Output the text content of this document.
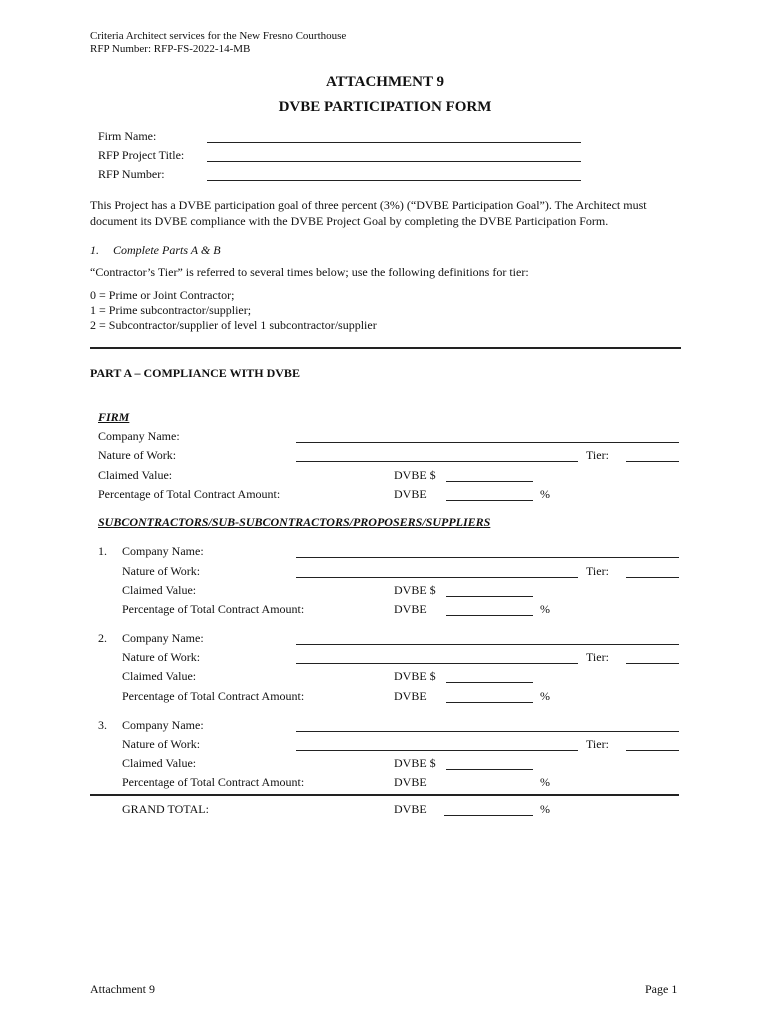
Criteria Architect services for the New Fresno Courthouse
RFP Number: RFP-FS-2022-14-MB
ATTACHMENT 9
DVBE PARTICIPATION FORM
Firm Name:
RFP Project Title:
RFP Number:
This Project has a DVBE participation goal of three percent (3%) (“DVBE Participation Goal”). The Architect must document its DVBE compliance with the DVBE Project Goal by completing the DVBE Participation Form.
1. Complete Parts A & B
“Contractor’s Tier” is referred to several times below; use the following definitions for tier:
0 = Prime or Joint Contractor;
1 = Prime subcontractor/supplier;
2 = Subcontractor/supplier of level 1 subcontractor/supplier
PART A – COMPLIANCE WITH DVBE
FIRM
Company Name:
Nature of Work:	Tier:
Claimed Value:	DVBE $
Percentage of Total Contract Amount:	DVBE	%
SUBCONTRACTORS/SUB-SUBCONTRACTORS/PROPOSERS/SUPPLIERS
1. Company Name:
Nature of Work:	Tier:
Claimed Value:	DVBE $
Percentage of Total Contract Amount:	DVBE	%
2. Company Name:
Nature of Work:	Tier:
Claimed Value:	DVBE $
Percentage of Total Contract Amount:	DVBE	%
3. Company Name:
Nature of Work:	Tier:
Claimed Value:	DVBE $
Percentage of Total Contract Amount:	DVBE	%
GRAND TOTAL:	DVBE	%
Attachment 9	Page 1
